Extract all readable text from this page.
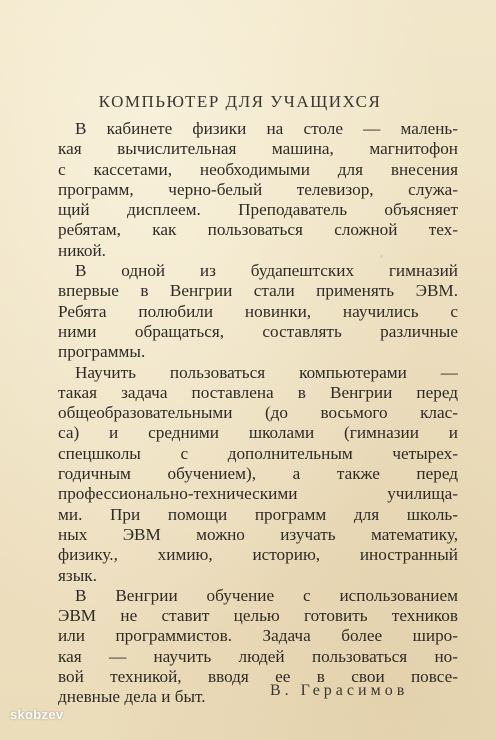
КОМПЬЮТЕР ДЛЯ УЧАЩИХСЯ
В кабинете физики на столе — малень-
кая вычислительная машина, магнитофон
с кассетами, необходимыми для внесения
программ, черно-белый телевизор, служа-
щий дисплеем. Преподаватель объясняет
ребятам, как пользоваться сложной тех-
никой.
В одной из будапештских гимназий
впервые в Венгрии стали применять ЭВМ.
Ребята полюбили новинки, научились с
ними обращаться, составлять различные
программы.
Научить пользоваться компьютерами —
такая задача поставлена в Венгрии перед
общеобразовательными (до восьмого клас-
са) и средними школами (гимназии и
спецшколы с дополнительным четырех-
годичным обучением), а также перед
профессионально-техническими училища-
ми. При помощи программ для школь-
ных ЭВМ можно изучать математику,
физику., химию, историю, иностранный
язык.
В Венгрии обучение с использованием
ЭВМ не ставит целью готовить техников
или программистов. Задача более широ-
кая — научить людей пользоваться но-
вой техникой, вводя ее в свои повсе-
дневные дела и быт.	В. Герасимов
skobzev
